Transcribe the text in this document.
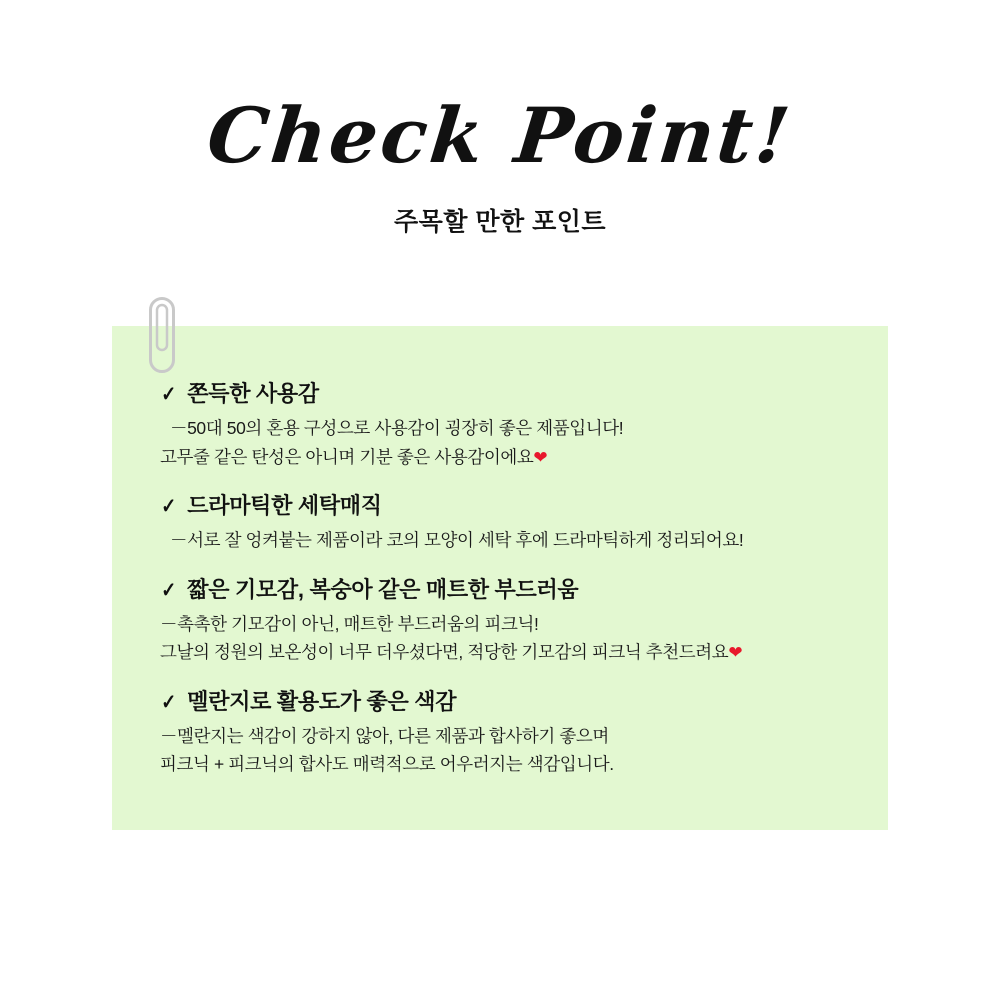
Check Point!
주목할 만한 포인트
✓ 쫀득한 사용감
－50대 50의 혼용 구성으로 사용감이 굉장히 좋은 제품입니다!
고무줄 같은 탄성은 아니며 기분 좋은 사용감이에요❤
✓ 드라마틱한 세탁매직
－서로 잘 엉켜붙는 제품이라 코의 모양이 세탁 후에 드라마틱하게 정리되어요!
✓ 짧은 기모감, 복숭아 같은 매트한 부드러움
－촉촉한 기모감이 아닌, 매트한 부드러움의 피크닉!
그날의 정원의 보온성이 너무 더우셨다면, 적당한 기모감의 피크닉 추천드려요❤
✓ 멜란지로 활용도가 좋은 색감
－멜란지는 색감이 강하지 않아, 다른 제품과 합사하기 좋으며
피크닉 + 피크닉의 합사도 매력적으로 어우러지는 색감입니다.
